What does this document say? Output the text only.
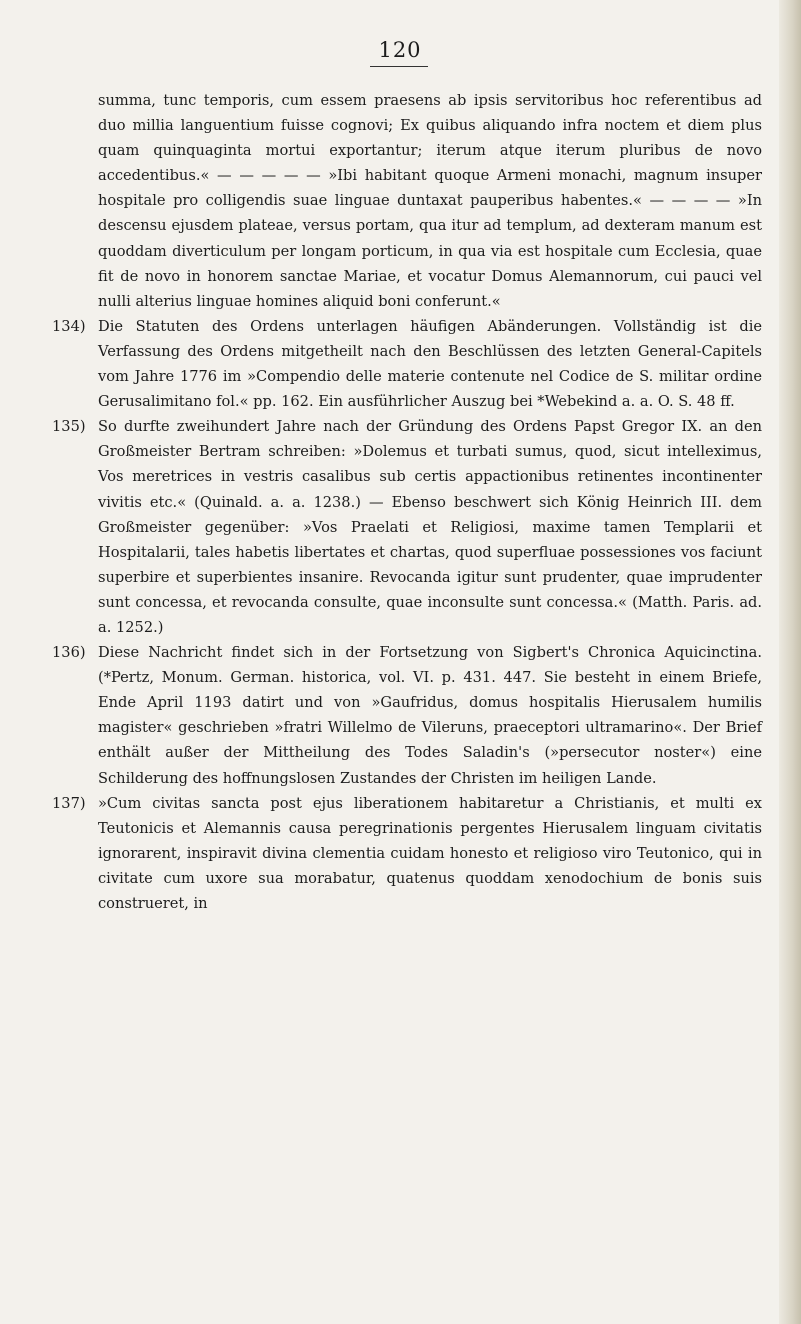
120

summa, tunc temporis, cum essem praesens ab ipsis servitoribus hoc referentibus ad duo millia languentium fuisse cognovi; Ex quibus aliquando infra noctem et diem plus quam quinquaginta mortui exportantur; iterum atque iterum pluribus de novo accedentibus.« — — — — — »Ibi habitant quoque Armeni monachi, magnum insuper hospitale pro colligendis suae linguae duntaxat pauperibus habentes.« — — — — »In descensu ejusdem plateae, versus portam, qua itur ad templum, ad dexteram manum est quoddam diverticulum per longam porticum, in qua via est hospitale cum Ecclesia, quae fit de novo in honorem sanctae Mariae, et vocatur Domus Alemannorum, cui pauci vel nulli alterius linguae homines aliquid boni conferunt.«

134) Die Statuten des Ordens unterlagen häufigen Abänderungen. Vollständig ist die Verfassung des Ordens mitgetheilt nach den Beschlüssen des letzten General-Capitels vom Jahre 1776 im »Compendio delle materie contenute nel Codice de S. militar ordine Gerusalimitano fol.« pp. 162. Ein ausführlicher Auszug bei *Webekind a. a. O. S. 48 ff.
135) So durfte zweihundert Jahre nach der Gründung des Ordens Papst Gregor IX. an den Großmeister Bertram schreiben: »Dolemus et turbati sumus, quod, sicut intelleximus, Vos meretrices in vestris casalibus sub certis appactionibus retinentes incontinenter vivitis etc.« (Quinald. a. a. 1238.) — Ebenso beschwert sich König Heinrich III. dem Großmeister gegenüber: »Vos Praelati et Religiosi, maxime tamen Templarii et Hospitalarii, tales habetis libertates et chartas, quod superfluae possessiones vos faciunt superbire et superbientes insanire. Revocanda igitur sunt prudenter, quae imprudenter sunt concessa, et revocanda consulte, quae inconsulte sunt concessa.« (Matth. Paris. ad. a. 1252.)
136) Diese Nachricht findet sich in der Fortsetzung von Sigbert's Chronica Aquicinctina. (*Pertz, Monum. German. historica, vol. VI. p. 431. 447. Sie besteht in einem Briefe, Ende April 1193 datirt und von »Gaufridus, domus hospitalis Hierusalem humilis magister« geschrieben »fratri Willelmo de Vileruns, praeceptori ultramarino«. Der Brief enthält außer der Mittheilung des Todes Saladin's (»persecutor noster«) eine Schilderung des hoffnungslosen Zustandes der Christen im heiligen Lande.
137) »Cum civitas sancta post ejus liberationem habitaretur a Christianis, et multi ex Teutonicis et Alemannis causa peregrinationis pergentes Hierusalem linguam civitatis ignorarent, inspiravit divina clementia cuidam honesto et religioso viro Teutonico, qui in civitate cum uxore sua morabatur, quatenus quoddam xenodochium de bonis suis construeret, in
